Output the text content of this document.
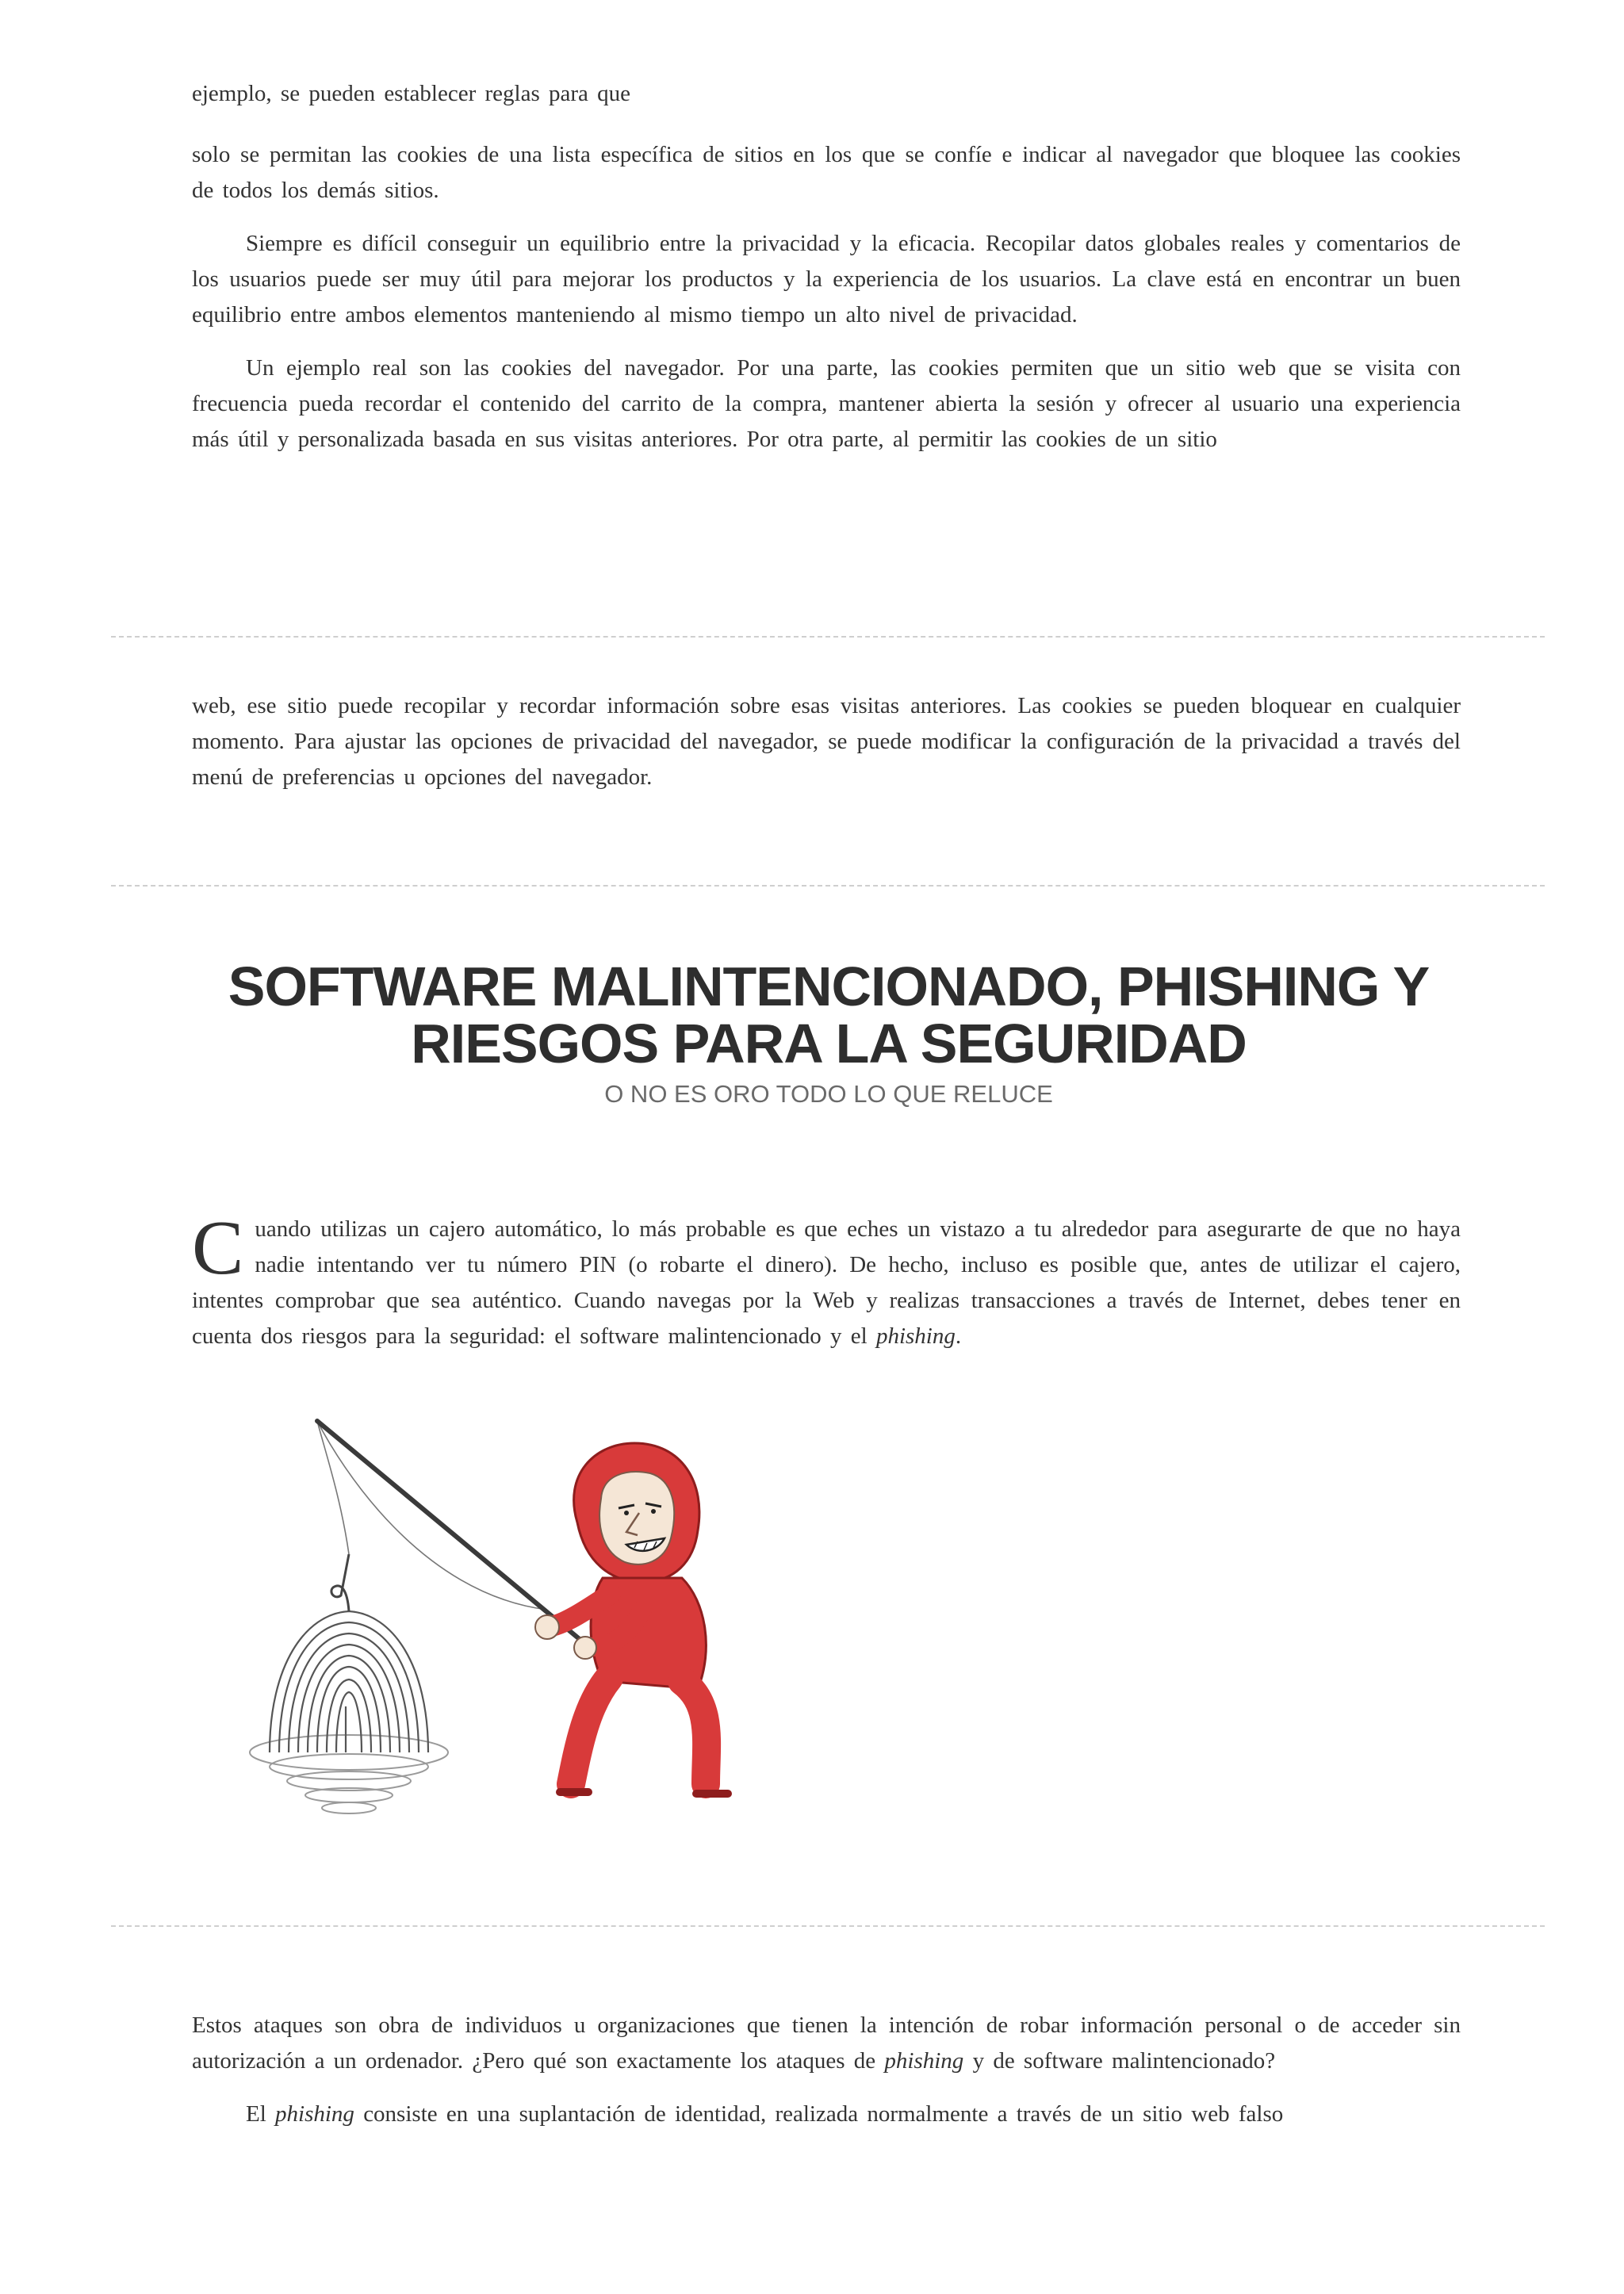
ejemplo, se pueden establecer reglas para que

solo se permitan las cookies de una lista específica de sitios en los que se confíe e indicar al navegador que bloquee las cookies de todos los demás sitios.

Siempre es difícil conseguir un equilibrio entre la privacidad y la eficacia. Recopilar datos globales reales y comentarios de los usuarios puede ser muy útil para mejorar los productos y la experiencia de los usuarios. La clave está en encontrar un buen equilibrio entre ambos elementos manteniendo al mismo tiempo un alto nivel de privacidad.

Un ejemplo real son las cookies del navegador. Por una parte, las cookies permiten que un sitio web que se visita con frecuencia pueda recordar el contenido del carrito de la compra, mantener abierta la sesión y ofrecer al usuario una experiencia más útil y personalizada basada en sus visitas anteriores. Por otra parte, al permitir las cookies de un sitio

web, ese sitio puede recopilar y recordar información sobre esas visitas anteriores. Las cookies se pueden bloquear en cualquier momento. Para ajustar las opciones de privacidad del navegador, se puede modificar la configuración de la privacidad a través del menú de preferencias u opciones del navegador.

SOFTWARE MALINTENCIONADO, PHISHING Y
RIESGOS PARA LA SEGURIDAD

O NO ES ORO TODO LO QUE RELUCE

Cuando utilizas un cajero automático, lo más probable es que eches un vistazo a tu alrededor para asegurarte de que no haya nadie intentando ver tu número PIN (o robarte el dinero). De hecho, incluso es posible que, antes de utilizar el cajero, intentes comprobar que sea auténtico. Cuando navegas por la Web y realizas transacciones a través de Internet, debes tener en cuenta dos riesgos para la seguridad: el software malintencionado y el phishing.

Estos ataques son obra de individuos u organizaciones que tienen la intención de robar información personal o de acceder sin autorización a un ordenador. ¿Pero qué son exactamente los ataques de phishing y de software malintencionado?

El phishing consiste en una suplantación de identidad, realizada normalmente a través de un sitio web falso
